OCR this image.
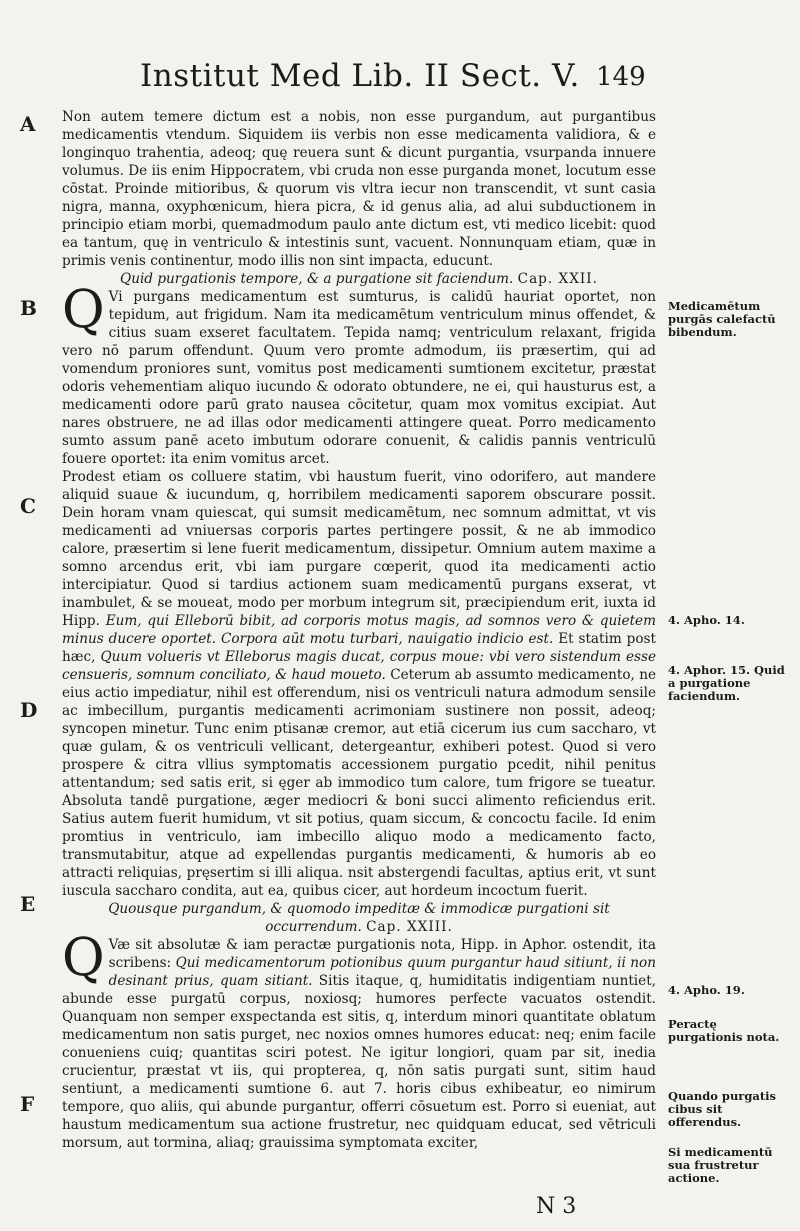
Institut Med Lib. II Sect. V. 149
A
B
C
D
E
F

Non autem temere dictum est a nobis, non esse purgandum, aut purgantibus medicamentis vtendum. Siquidem iis verbis non esse medicamenta validiora, & e longinquo trahentia, adeoq; quę reuera sunt & dicunt purgantia, vsurpanda innuere volumus. De iis enim Hippocratem, vbi cruda non esse purganda monet, locutum esse cōstat. Proinde mitioribus, & quorum vis vltra iecur non transcendit, vt sunt casia nigra, manna, oxyphœnicum, hiera picra, & id genus alia, ad alui subductionem in principio etiam morbi, quemadmodum paulo ante dictum est, vti medico licebit: quod ea tantum, quę in ventriculo & intestinis sunt, vacuent. Nonnunquam etiam, quæ in primis venis continentur, modo illis non sint impacta, educunt.

Quid purgationis tempore, & a purgatione sit faciendum. Cap. XXII.

Q Vi purgans medicamentum est sumturus, is calidū hauriat oportet, non tepidum, aut frigidum. Nam ita medicamētum ventriculum minus offendet, & citius suam exseret facultatem. Tepida namq; ventriculum relaxant, frigida vero nō parum offendunt. Quum vero promte admodum, iis præsertim, qui ad vomendum proniores sunt, vomitus post medicamenti sumtionem excitetur, præstat odoris vehementiam aliquo iucundo & odorato obtundere, ne ei, qui hausturus est, a medicamenti odore parū grato nausea cōcitetur, quam mox vomitus excipiat. Aut nares obstruere, ne ad illas odor medicamenti attingere queat. Porro medicamento sumto assum panē aceto imbutum odorare conuenit, & calidis pannis ventriculū fouere oportet: ita enim vomitus arcet.

Prodest etiam os colluere statim, vbi haustum fuerit, vino odorifero, aut mandere aliquid suaue & iucundum, q, horribilem medicamenti saporem obscurare possit. Dein horam vnam quiescat, qui sumsit medicamētum, nec somnum admittat, vt vis medicamenti ad vniuersas corporis partes pertingere possit, & ne ab immodico calore, præsertim si lene fuerit medicamentum, dissipetur. Omnium autem maxime a somno arcendus erit, vbi iam purgare cœperit, quod ita medicamenti actio intercipiatur. Quod si tardius actionem suam medicamentū purgans exserat, vt inambulet, & se moueat, modo per morbum integrum sit, præcipiendum erit, iuxta id Hipp. Eum, qui Elleborū bibit, ad corporis motus magis, ad somnos vero & quietem minus ducere oportet. Corpora aūt motu turbari, nauigatio indicio est. Et statim post hæc, Quum volueris vt Elleborus magis ducat, corpus moue: vbi vero sistendum esse censueris, somnum conciliato, & haud moueto. Ceterum ab assumto medicamento, ne eius actio impediatur, nihil est offerendum, nisi os ventriculi natura admodum sensile ac imbecillum, purgantis medicamenti acrimoniam sustinere non possit, adeoq; syncopen minetur. Tunc enim ptisanæ cremor, aut etiā cicerum ius cum saccharo, vt quæ gulam, & os ventriculi vellicant, detergeantur, exhiberi potest. Quod si vero prospere & citra vllius symptomatis accessionem purgatio pcedit, nihil penitus attentandum; sed satis erit, si ęger ab immodico tum calore, tum frigore se tueatur. Absoluta tandē purgatione, æger mediocri & boni succi alimento reficiendus erit. Satius autem fuerit humidum, vt sit potius, quam siccum, & concoctu facile. Id enim promtius in ventriculo, iam imbecillo aliquo modo a medicamento facto, transmutabitur, atque ad expellendas purgantis medicamenti, & humoris ab eo attracti reliquias, pręsertim si illi aliqua. nsit abstergendi facultas, aptius erit, vt sunt iuscula saccharo condita, aut ea, quibus cicer, aut hordeum incoctum fuerit.

Quousque purgandum, & quomodo impeditæ & immodicæ purgationi sit occurrendum. Cap. XXIII.

Q Væ sit absolutæ & iam peractæ purgationis nota, Hipp. in Aphor. ostendit, ita scribens: Qui medicamentorum potionibus quum purgantur haud sitiunt, ii non desinant prius, quam sitiant. Sitis itaque, q, humiditatis indigentiam nuntiet, abunde esse purgatū corpus, noxiosq; humores perfecte vacuatos ostendit. Quanquam non semper exspectanda est sitis, q, interdum minori quantitate oblatum medicamentum non satis purget, nec noxios omnes humores educat: neq; enim facile conueniens cuiq; quantitas sciri potest. Ne igitur longiori, quam par sit, inedia crucientur, præstat vt iis, qui propterea, q, nōn satis purgati sunt, sitim haud sentiunt, a medicamenti sumtione 6. aut 7. horis cibus exhibeatur, eo nimirum tempore, quo aliis, qui abunde purgantur, offerri cōsuetum est. Porro si eueniat, aut haustum medicamentum sua actione frustretur, nec quidquam educat, sed vētriculi morsum, aut tormina, aliaq; grauissima symptomata exciter,

Medicamētum purgās calefactū bibendum.
4. Apho. 14.
4. Aphor. 15. Quid a purgatione faciendum.
4. Apho. 19.
Peractę purgationis nota.
Quando purgatis cibus sit offerendus.
Si medicamentū sua frustretur actione.
N 3
